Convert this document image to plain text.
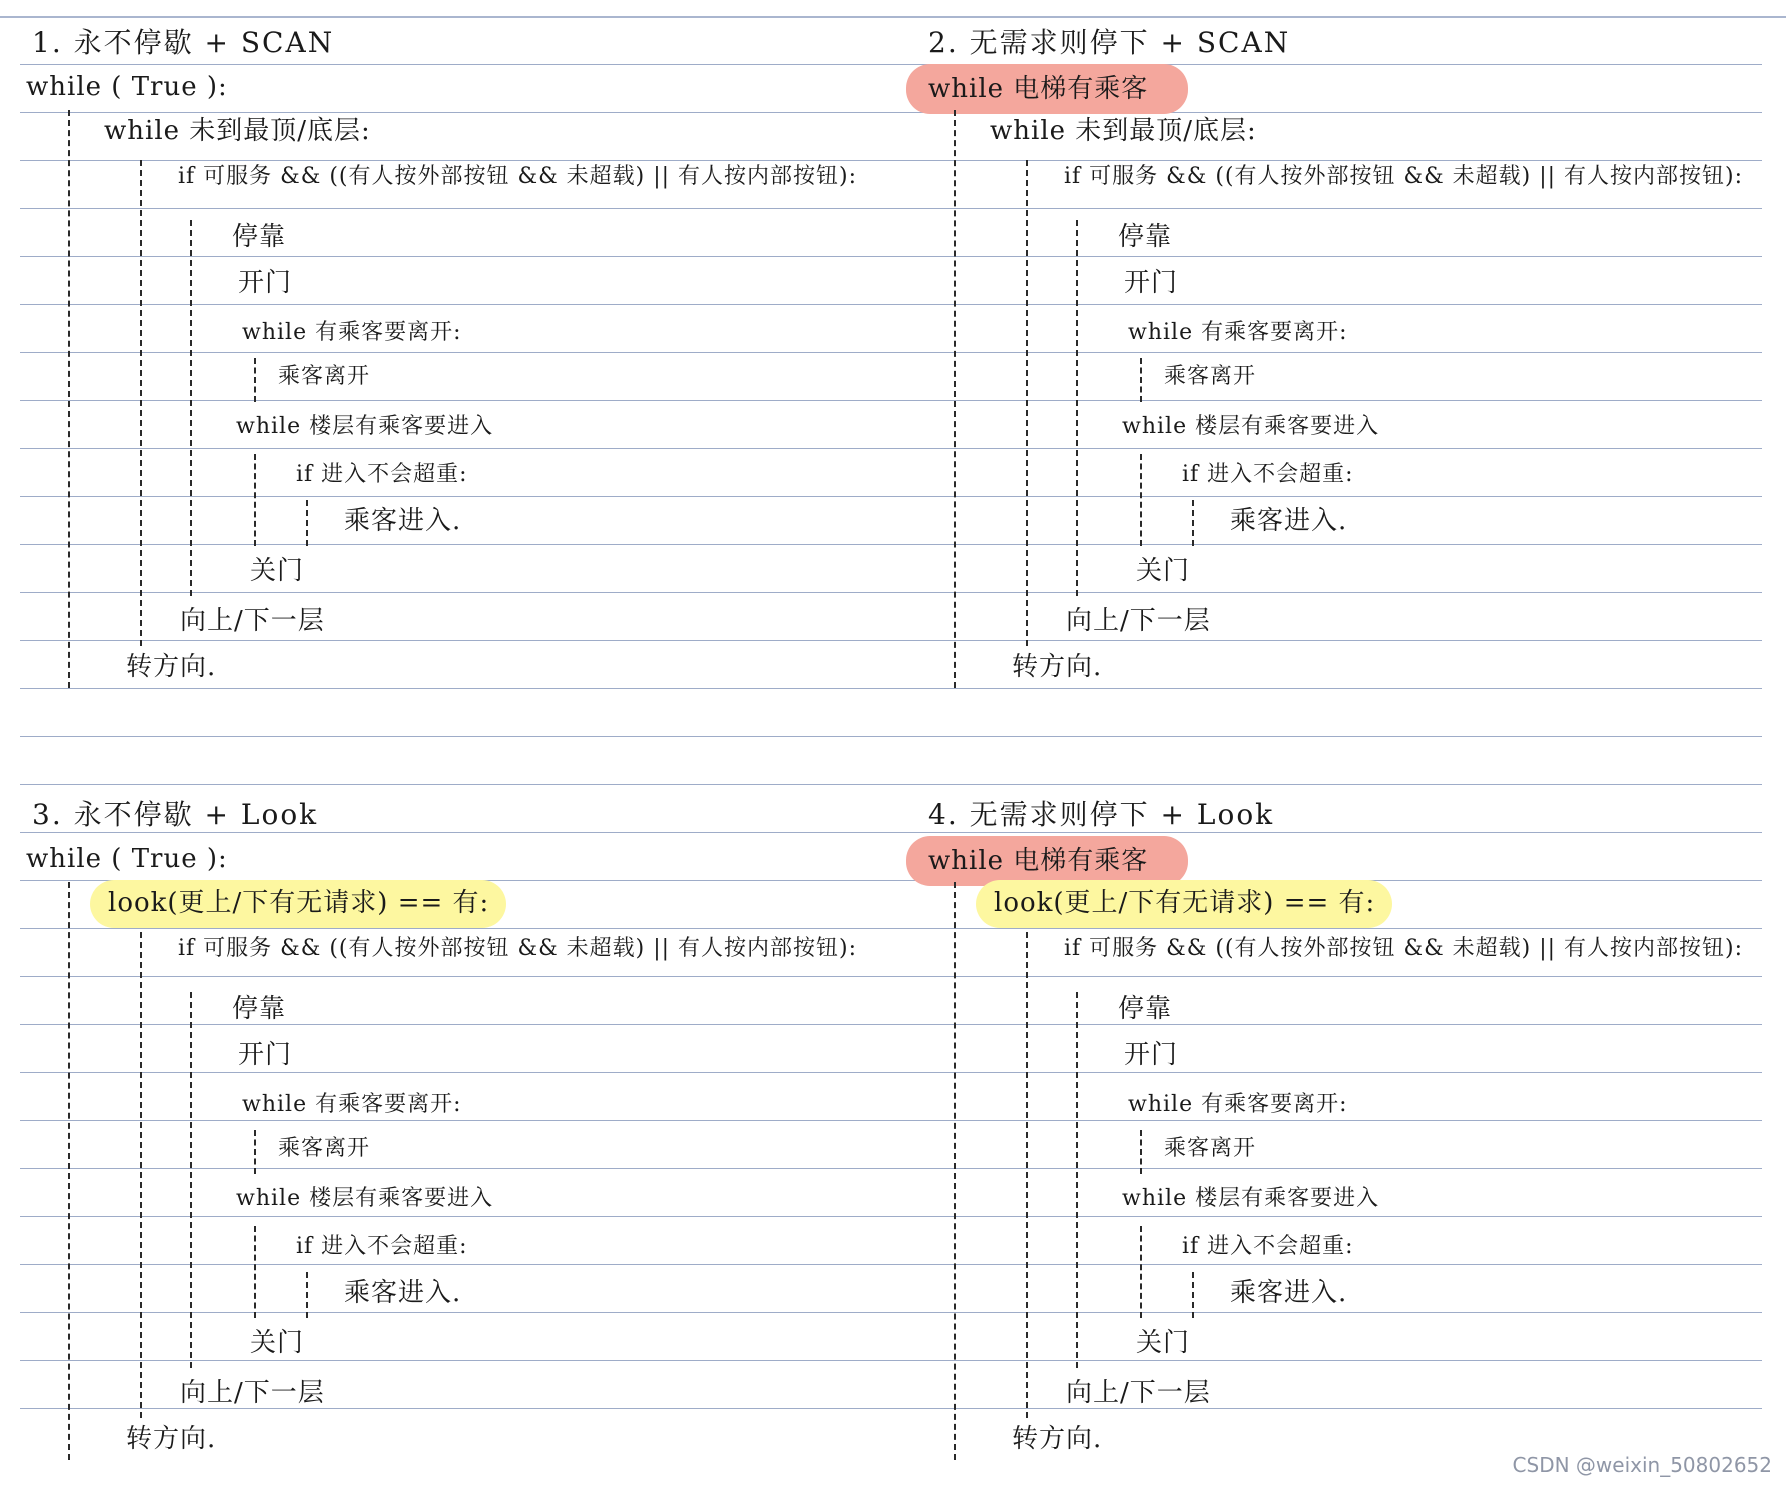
1. 永不停歇 + SCAN
while ( True ):
while 未到最顶/底层:
if 可服务 && ((有人按外部按钮 && 未超载) || 有人按内部按钮):
停靠
开门
while 有乘客要离开:
乘客离开
while 楼层有乘客要进入
if 进入不会超重:
乘客进入.
关门
向上/下一层
转方向.
2. 无需求则停下 + SCAN
while 电梯有乘客
while 未到最顶/底层:
if 可服务 && ((有人按外部按钮 && 未超载) || 有人按内部按钮):
停靠
开门
while 有乘客要离开:
乘客离开
while 楼层有乘客要进入
if 进入不会超重:
乘客进入.
关门
向上/下一层
转方向.
3. 永不停歇 + Look
while ( True ):
look(更上/下有无请求) == 有:
if 可服务 && ((有人按外部按钮 && 未超载) || 有人按内部按钮):
停靠
开门
while 有乘客要离开:
乘客离开
while 楼层有乘客要进入
if 进入不会超重:
乘客进入.
关门
向上/下一层
转方向.
4. 无需求则停下 + Look
while 电梯有乘客
look(更上/下有无请求) == 有:
if 可服务 && ((有人按外部按钮 && 未超载) || 有人按内部按钮):
停靠
开门
while 有乘客要离开:
乘客离开
while 楼层有乘客要进入
if 进入不会超重:
乘客进入.
关门
向上/下一层
转方向.
CSDN @weixin_50802652
